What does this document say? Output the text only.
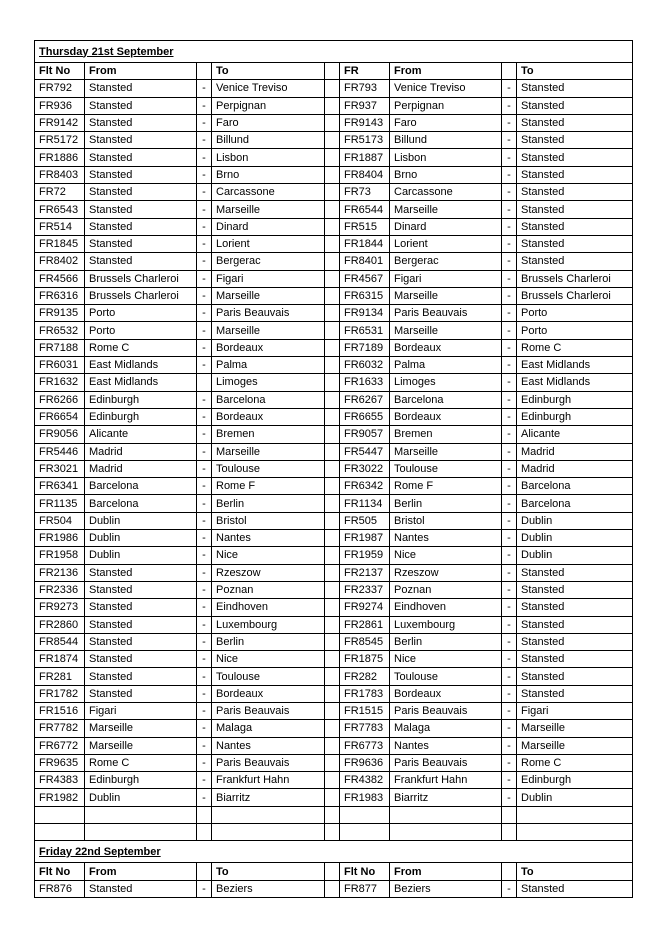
Thursday 21st September								
Flt No	From		To		FR	From		To
FR792	Stansted	-	Venice Treviso		FR793	Venice Treviso	-	Stansted
FR936	Stansted	-	Perpignan		FR937	Perpignan	-	Stansted
FR9142	Stansted	-	Faro		FR9143	Faro	-	Stansted
FR5172	Stansted	-	Billund		FR5173	Billund	-	Stansted
FR1886	Stansted	-	Lisbon		FR1887	Lisbon	-	Stansted
FR8403	Stansted	-	Brno		FR8404	Brno	-	Stansted
FR72	Stansted	-	Carcassone		FR73	Carcassone	-	Stansted
FR6543	Stansted	-	Marseille		FR6544	Marseille	-	Stansted
FR514	Stansted	-	Dinard		FR515	Dinard	-	Stansted
FR1845	Stansted	-	Lorient		FR1844	Lorient	-	Stansted
FR8402	Stansted	-	Bergerac		FR8401	Bergerac	-	Stansted
FR4566	Brussels Charleroi	-	Figari		FR4567	Figari	-	Brussels Charleroi
FR6316	Brussels Charleroi	-	Marseille		FR6315	Marseille	-	Brussels Charleroi
FR9135	Porto	-	Paris Beauvais		FR9134	Paris Beauvais	-	Porto
FR6532	Porto	-	Marseille		FR6531	Marseille	-	Porto
FR7188	Rome C	-	Bordeaux		FR7189	Bordeaux	-	Rome C
FR6031	East Midlands	-	Palma		FR6032	Palma	-	East Midlands
FR1632	East Midlands		Limoges		FR1633	Limoges	-	East Midlands
FR6266	Edinburgh	-	Barcelona		FR6267	Barcelona	-	Edinburgh
FR6654	Edinburgh	-	Bordeaux		FR6655	Bordeaux	-	Edinburgh
FR9056	Alicante	-	Bremen		FR9057	Bremen	-	Alicante
FR5446	Madrid	-	Marseille		FR5447	Marseille	-	Madrid
FR3021	Madrid	-	Toulouse		FR3022	Toulouse	-	Madrid
FR6341	Barcelona	-	Rome F		FR6342	Rome F	-	Barcelona
FR1135	Barcelona	-	Berlin		FR1134	Berlin	-	Barcelona
FR504	Dublin	-	Bristol		FR505	Bristol	-	Dublin
FR1986	Dublin	-	Nantes		FR1987	Nantes	-	Dublin
FR1958	Dublin	-	Nice		FR1959	Nice	-	Dublin
FR2136	Stansted	-	Rzeszow		FR2137	Rzeszow	-	Stansted
FR2336	Stansted	-	Poznan		FR2337	Poznan	-	Stansted
FR9273	Stansted	-	Eindhoven		FR9274	Eindhoven	-	Stansted
FR2860	Stansted	-	Luxembourg		FR2861	Luxembourg	-	Stansted
FR8544	Stansted	-	Berlin		FR8545	Berlin	-	Stansted
FR1874	Stansted	-	Nice		FR1875	Nice	-	Stansted
FR281	Stansted	-	Toulouse		FR282	Toulouse	-	Stansted
FR1782	Stansted	-	Bordeaux		FR1783	Bordeaux	-	Stansted
FR1516	Figari	-	Paris Beauvais		FR1515	Paris Beauvais	-	Figari
FR7782	Marseille	-	Malaga		FR7783	Malaga	-	Marseille
FR6772	Marseille	-	Nantes		FR6773	Nantes	-	Marseille
FR9635	Rome C	-	Paris Beauvais		FR9636	Paris Beauvais	-	Rome C
FR4383	Edinburgh	-	Frankfurt Hahn		FR4382	Frankfurt Hahn	-	Edinburgh
FR1982	Dublin	-	Biarritz		FR1983	Biarritz	-	Dublin

Friday 22nd September								
Flt No	From		To		Flt No	From		To
FR876	Stansted	-	Beziers		FR877	Beziers	-	Stansted
